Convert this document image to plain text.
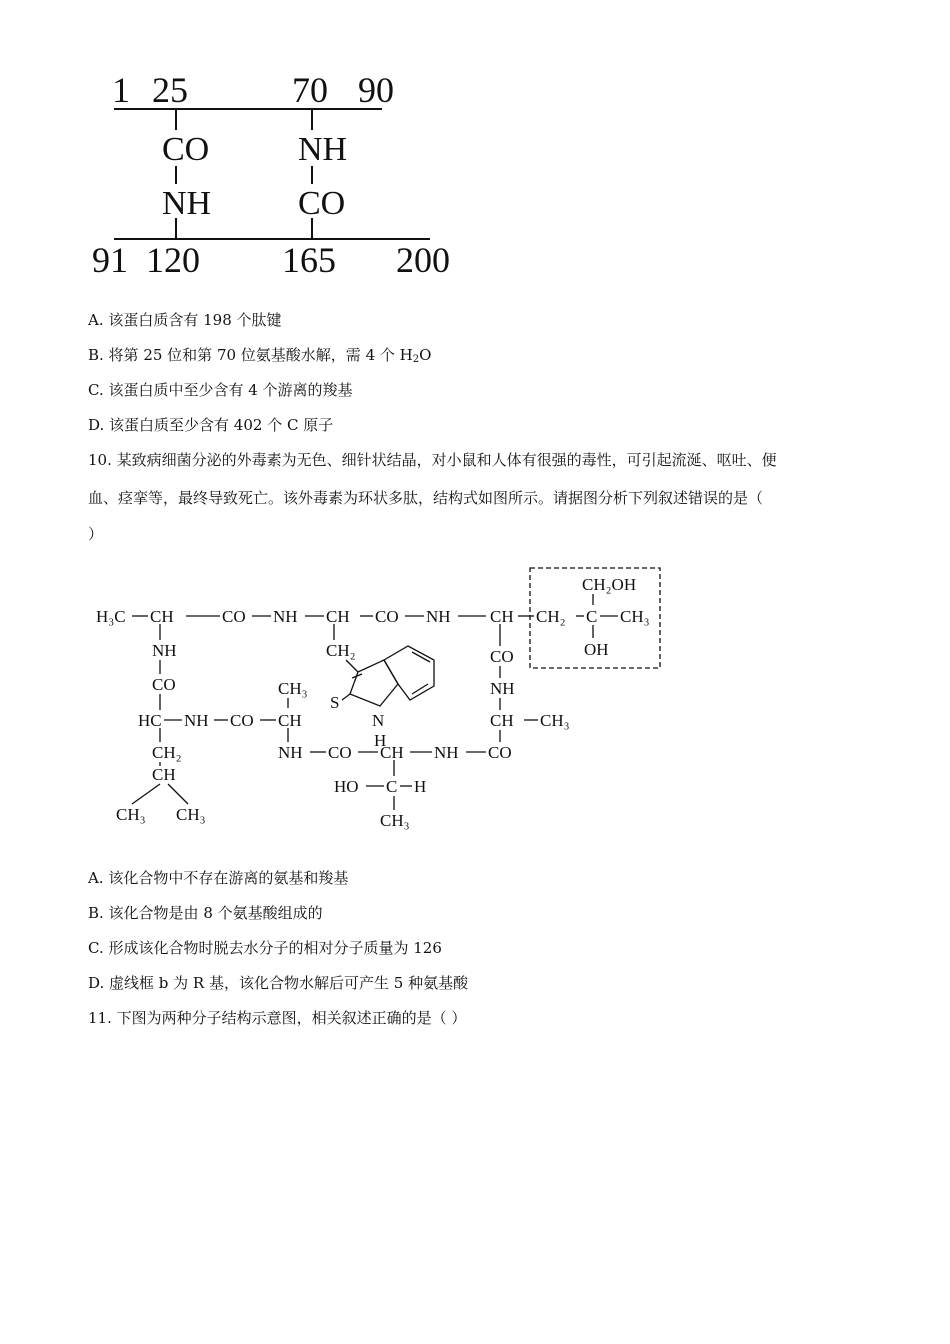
1 25	70 90
CO
NH
NH
CO
91 120 165 200
A. 该蛋白质含有 198 个肽键
B. 将第 25 位和第 70 位氨基酸水解，需 4 个 $H_2O$
C. 该蛋白质中至少含有 4 个游离的羧基
D. 该蛋白质至少含有 402 个 C 原子
10. 某致病细菌分泌的外毒素为无色、细针状结晶，对小鼠和人体有很强的毒性，可引起流涎、呕吐、便
血、痉挛等，最终导致死亡。该外毒素为环状多肽，结构式如图所示。请据图分析下列叙述错误的是（
）
H₃C CH	CO NH CH CO NH CH CH₂ C CH₃
CH₂OH
OH
NH
CO
HC NH CO CH
CH₃
CH₂
CH
CH₃ CH₃
NH CO CH NH CO
HO C H
CH₃
CO
NH
CH CH₃
CH₂
S
N
H
A. 该化合物中不存在游离的氨基和羧基
B. 该化合物是由 8 个氨基酸组成的
C. 形成该化合物时脱去水分子的相对分子质量为 126
D. 虚线框 b 为 R 基，该化合物水解后可产生 5 种氨基酸
11. 下图为两种分子结构示意图，相关叙述正确的是（ ）
